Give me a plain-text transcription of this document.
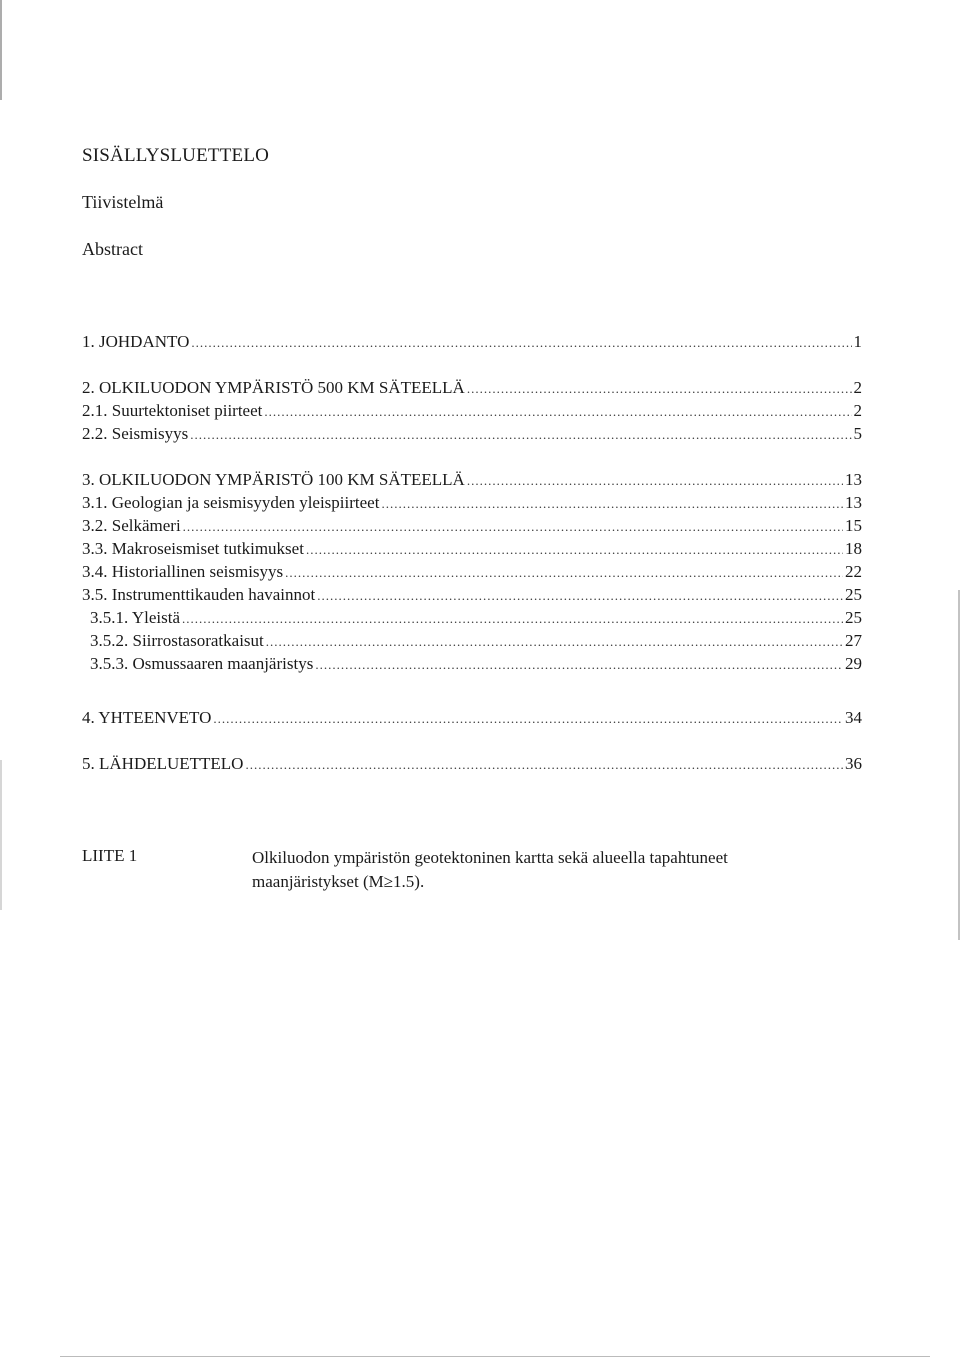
SISÄLLYSLUETTELO
Tiivistelmä
Abstract
1. JOHDANTO .....	1
2. OLKILUODON YMPÄRISTÖ 500 KM SÄTEELLÄ .....	2
2.1. Suurtektoniset piirteet .....	2
2.2. Seismisyys .....	5
3. OLKILUODON YMPÄRISTÖ 100 KM SÄTEELLÄ .....	13
3.1. Geologian ja seismisyyden yleispiirteet .....	13
3.2. Selkämeri .....	15
3.3. Makroseismiset tutkimukset .....	18
3.4. Historiallinen seismisyys .....	22
3.5. Instrumenttikauden havainnot .....	25
3.5.1. Yleistä .....	25
3.5.2. Siirrostasoratkaisut .....	27
3.5.3. Osmussaaren maanjäristys .....	29
4. YHTEENVETO .....	34
5. LÄHDELUETTELO .....	36
LIITE 1	Olkiluodon ympäristön geotektoninen kartta sekä alueella tapahtuneet
maanjäristykset (M≥1.5).
